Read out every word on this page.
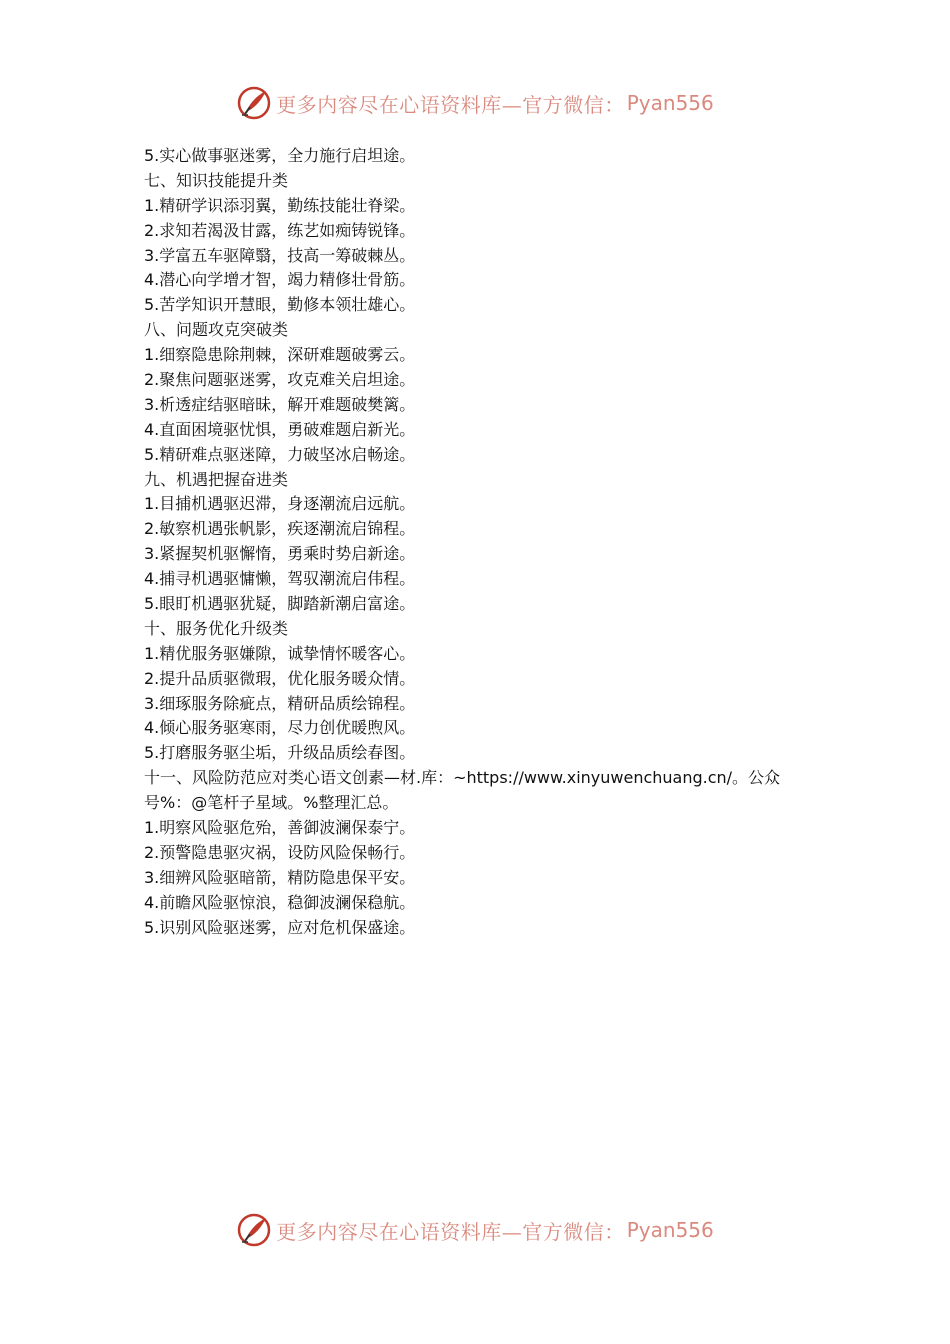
更多内容尽在心语资料库—官方微信： Pyan556
5.实心做事驱迷雾，全力施行启坦途。
七、知识技能提升类
1.精研学识添羽翼，勤练技能壮脊梁。
2.求知若渴汲甘露，练艺如痴铸锐锋。
3.学富五车驱障翳，技高一筹破棘丛。
4.潜心向学增才智，竭力精修壮骨筋。
5.苦学知识开慧眼，勤修本领壮雄心。
八、问题攻克突破类
1.细察隐患除荆棘，深研难题破雾云。
2.聚焦问题驱迷雾，攻克难关启坦途。
3.析透症结驱暗昧，解开难题破樊篱。
4.直面困境驱忧惧，勇破难题启新光。
5.精研难点驱迷障，力破坚冰启畅途。
九、机遇把握奋进类
1.目捕机遇驱迟滞，身逐潮流启远航。
2.敏察机遇张帆影，疾逐潮流启锦程。
3.紧握契机驱懈惰，勇乘时势启新途。
4.捕寻机遇驱慵懒，驾驭潮流启伟程。
5.眼盯机遇驱犹疑，脚踏新潮启富途。
十、服务优化升级类
1.精优服务驱嫌隙，诚挚情怀暖客心。
2.提升品质驱微瑕，优化服务暖众情。
3.细琢服务除疵点，精研品质绘锦程。
4.倾心服务驱寒雨，尽力创优暖煦风。
5.打磨服务驱尘垢，升级品质绘春图。
十一、风险防范应对类心语文创素—材.库：~https://www.xinyuwenchuang.cn/。公众号%：@笔杆子星域。%整理汇总。
1.明察风险驱危殆，善御波澜保泰宁。
2.预警隐患驱灾祸，设防风险保畅行。
3.细辨风险驱暗箭，精防隐患保平安。
4.前瞻风险驱惊浪，稳御波澜保稳航。
5.识别风险驱迷雾，应对危机保盛途。
更多内容尽在心语资料库—官方微信： Pyan556
